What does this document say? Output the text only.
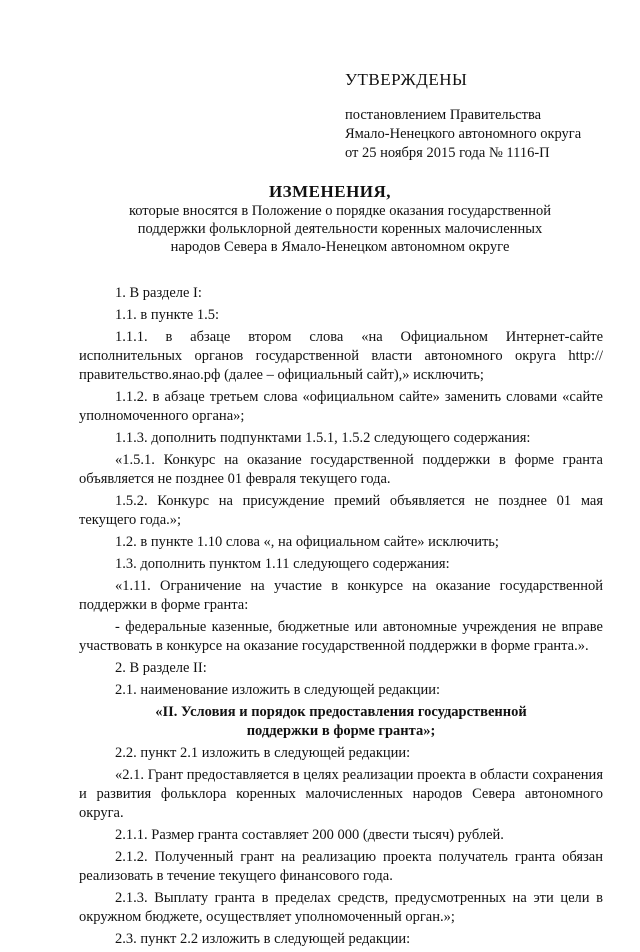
УТВЕРЖДЕНЫ
постановлением Правительства
Ямало-Ненецкого автономного округа
от 25 ноября 2015 года № 1116-П
ИЗМЕНЕНИЯ,
которые вносятся в Положение о порядке оказания государственной
поддержки фольклорной деятельности коренных малочисленных
народов Севера в Ямало-Ненецком автономном округе
1. В разделе I:
1.1. в пункте 1.5:
1.1.1. в абзаце втором слова «на Официальном Интернет-сайте исполнительных органов государственной власти автономного округа http://правительство.янао.рф (далее – официальный сайт),» исключить;
1.1.2. в абзаце третьем слова «официальном сайте» заменить словами «сайте уполномоченного органа»;
1.1.3. дополнить подпунктами 1.5.1, 1.5.2 следующего содержания:
«1.5.1. Конкурс на оказание государственной поддержки в форме гранта объявляется не позднее 01 февраля текущего года.
1.5.2. Конкурс на присуждение премий объявляется не позднее 01 мая текущего года.»;
1.2. в пункте 1.10 слова «, на официальном сайте» исключить;
1.3. дополнить пунктом 1.11 следующего содержания:
«1.11. Ограничение на участие в конкурсе на оказание государственной поддержки в форме гранта:
- федеральные казенные, бюджетные или автономные учреждения не вправе участвовать в конкурсе на оказание государственной поддержки в форме гранта.».
2. В разделе II:
2.1. наименование изложить в следующей редакции:
«II. Условия и порядок предоставления государственной
поддержки в форме гранта»;
2.2. пункт 2.1 изложить в следующей редакции:
«2.1. Грант предоставляется в целях реализации проекта в области сохранения и развития фольклора коренных малочисленных народов Севера автономного округа.
2.1.1. Размер гранта составляет 200 000 (двести тысяч) рублей.
2.1.2. Полученный грант на реализацию проекта получатель гранта обязан реализовать в течение текущего финансового года.
2.1.3. Выплату гранта в пределах средств, предусмотренных на эти цели в окружном бюджете, осуществляет уполномоченный орган.»;
2.3. пункт 2.2 изложить в следующей редакции:
